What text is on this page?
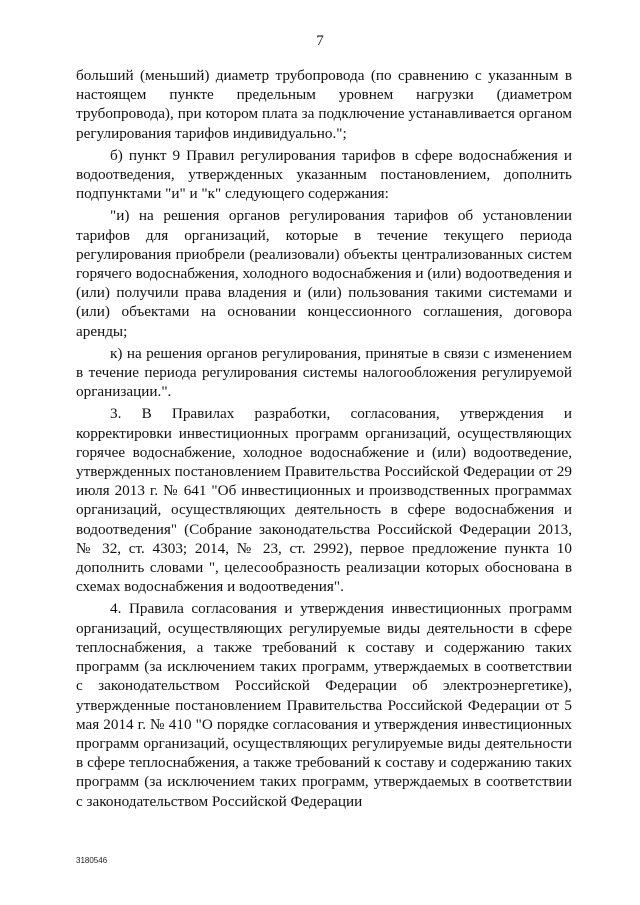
7

больший (меньший) диаметр трубопровода (по сравнению с указанным в настоящем пункте предельным уровнем нагрузки (диаметром трубопровода), при котором плата за подключение устанавливается органом регулирования тарифов индивидуально.";

б) пункт 9 Правил регулирования тарифов в сфере водоснабжения и водоотведения, утвержденных указанным постановлением, дополнить подпунктами "и" и "к" следующего содержания:

"и) на решения органов регулирования тарифов об установлении тарифов для организаций, которые в течение текущего периода регулирования приобрели (реализовали) объекты централизованных систем горячего водоснабжения, холодного водоснабжения и (или) водоотведения и (или) получили права владения и (или) пользования такими системами и (или) объектами на основании концессионного соглашения, договора аренды;

к) на решения органов регулирования, принятые в связи с изменением в течение периода регулирования системы налогообложения регулируемой организации.".

3. В Правилах разработки, согласования, утверждения и корректировки инвестиционных программ организаций, осуществляющих горячее водоснабжение, холодное водоснабжение и (или) водоотведение, утвержденных постановлением Правительства Российской Федерации от 29 июля 2013 г. № 641 "Об инвестиционных и производственных программах организаций, осуществляющих деятельность в сфере водоснабжения и водоотведения" (Собрание законодательства Российской Федерации 2013, № 32, ст. 4303; 2014, № 23, ст. 2992), первое предложение пункта 10 дополнить словами ", целесообразность реализации которых обоснована в схемах водоснабжения и водоотведения".

4. Правила согласования и утверждения инвестиционных программ организаций, осуществляющих регулируемые виды деятельности в сфере теплоснабжения, а также требований к составу и содержанию таких программ (за исключением таких программ, утверждаемых в соответствии с законодательством Российской Федерации об электроэнергетике), утвержденные постановлением Правительства Российской Федерации от 5 мая 2014 г. № 410 "О порядке согласования и утверждения инвестиционных программ организаций, осуществляющих регулируемые виды деятельности в сфере теплоснабжения, а также требований к составу и содержанию таких программ (за исключением таких программ, утверждаемых в соответствии с законодательством Российской Федерации

3180546
